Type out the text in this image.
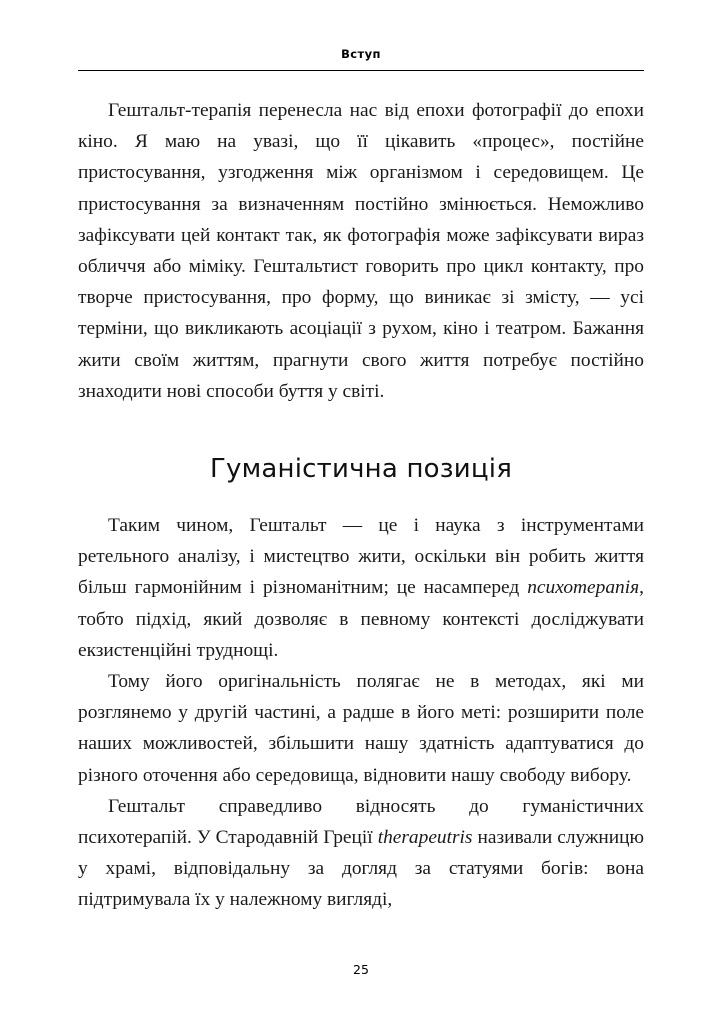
Вступ

Гештальт-терапія перенесла нас від епохи фотографії до епохи кіно. Я маю на увазі, що її цікавить «процес», постійне пристосування, узгодження між організмом і середовищем. Це пристосування за визначенням постійно змінюється. Неможливо зафіксувати цей контакт так, як фотографія може зафіксувати вираз обличчя або міміку. Гештальтист говорить про цикл контакту, про творче пристосування, про форму, що виникає зі змісту, — усі терміни, що викликають асоціації з рухом, кіно і театром. Бажання жити своїм життям, прагнути свого життя потребує постійно знаходити нові способи буття у світі.

Гуманістична позиція

Таким чином, Гештальт — це і наука з інструментами ретельного аналізу, і мистецтво жити, оскільки він робить життя більш гармонійним і різноманітним; це насамперед психотерапія, тобто підхід, який дозволяє в певному контексті досліджувати екзистенційні труднощі.

Тому його оригінальність полягає не в методах, які ми розглянемо у другій частині, а радше в його меті: розширити поле наших можливостей, збільшити нашу здатність адаптуватися до різного оточення або середовища, відновити нашу свободу вибору.

Гештальт справедливо відносять до гуманістичних психотерапій. У Стародавній Греції therapeutris називали служницю у храмі, відповідальну за догляд за статуями богів: вона підтримувала їх у належному вигляді,

25
